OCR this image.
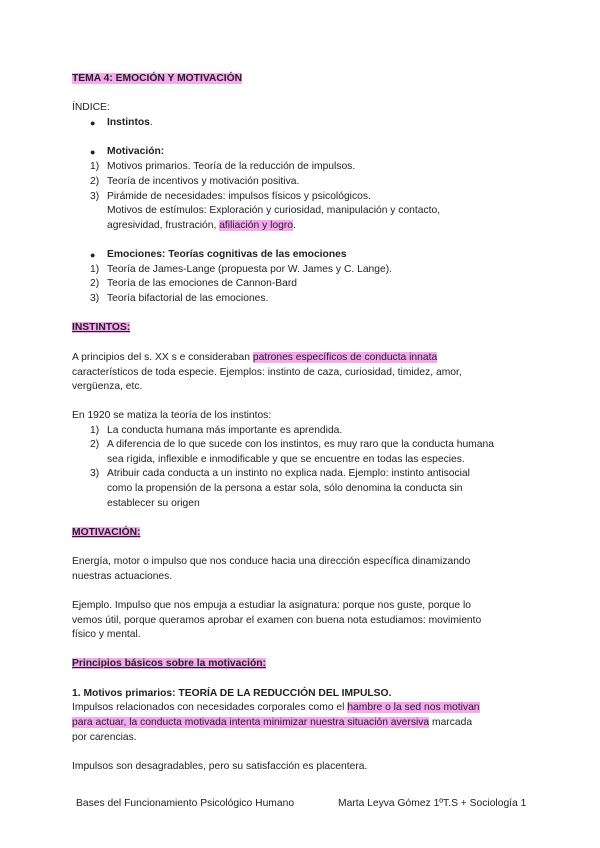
TEMA 4: EMOCIÓN Y MOTIVACIÓN
ÍNDICE:
● Instintos.
● Motivación:
1) Motivos primarios. Teoría de la reducción de impulsos.
2) Teoría de incentivos y motivación positiva.
3) Pirámide de necesidades: impulsos físicos y psicológicos.
Motivos de estímulos: Exploración y curiosidad, manipulación y contacto,
agresividad, frustración, afiliación y logro.
● Emociones: Teorías cognitivas de las emociones
1) Teoría de James-Lange (propuesta por W. James y C. Lange).
2) Teoría de las emociones de Cannon-Bard
3) Teoría bifactorial de las emociones.
INSTINTOS:
A principios del s. XX s e consideraban patrones específicos de conducta innata
característicos de toda especie. Ejemplos: instinto de caza, curiosidad, timidez, amor,
vergüenza, etc.
En 1920 se matiza la teoría de los instintos:
1) La conducta humana más importante es aprendida.
2) A diferencia de lo que sucede con los instintos, es muy raro que la conducta humana
sea rígida, inflexible e inmodificable y que se encuentre en todas las especies.
3) Atribuir cada conducta a un instinto no explica nada. Ejemplo: instinto antisocial
como la propensión de la persona a estar sola, sólo denomina la conducta sin
establecer su origen
MOTIVACIÓN:
Energía, motor o impulso que nos conduce hacia una dirección específica dinamizando
nuestras actuaciones.
Ejemplo. Impulso que nos empuja a estudiar la asignatura: porque nos guste, porque lo
vemos útil, porque queramos aprobar el examen con buena nota estudiamos: movimiento
físico y mental.
Principios básicos sobre la motivación:
1. Motivos primarios: TEORÍA DE LA REDUCCIÓN DEL IMPULSO.
Impulsos relacionados con necesidades corporales como el hambre o la sed nos motivan
para actuar, la conducta motivada intenta minimizar nuestra situación aversiva marcada
por carencias.
Impulsos son desagradables, pero su satisfacción es placentera.
Bases del Funcionamiento Psicológico Humano	Marta Leyva Gómez 1ºT.S + Sociología 1
